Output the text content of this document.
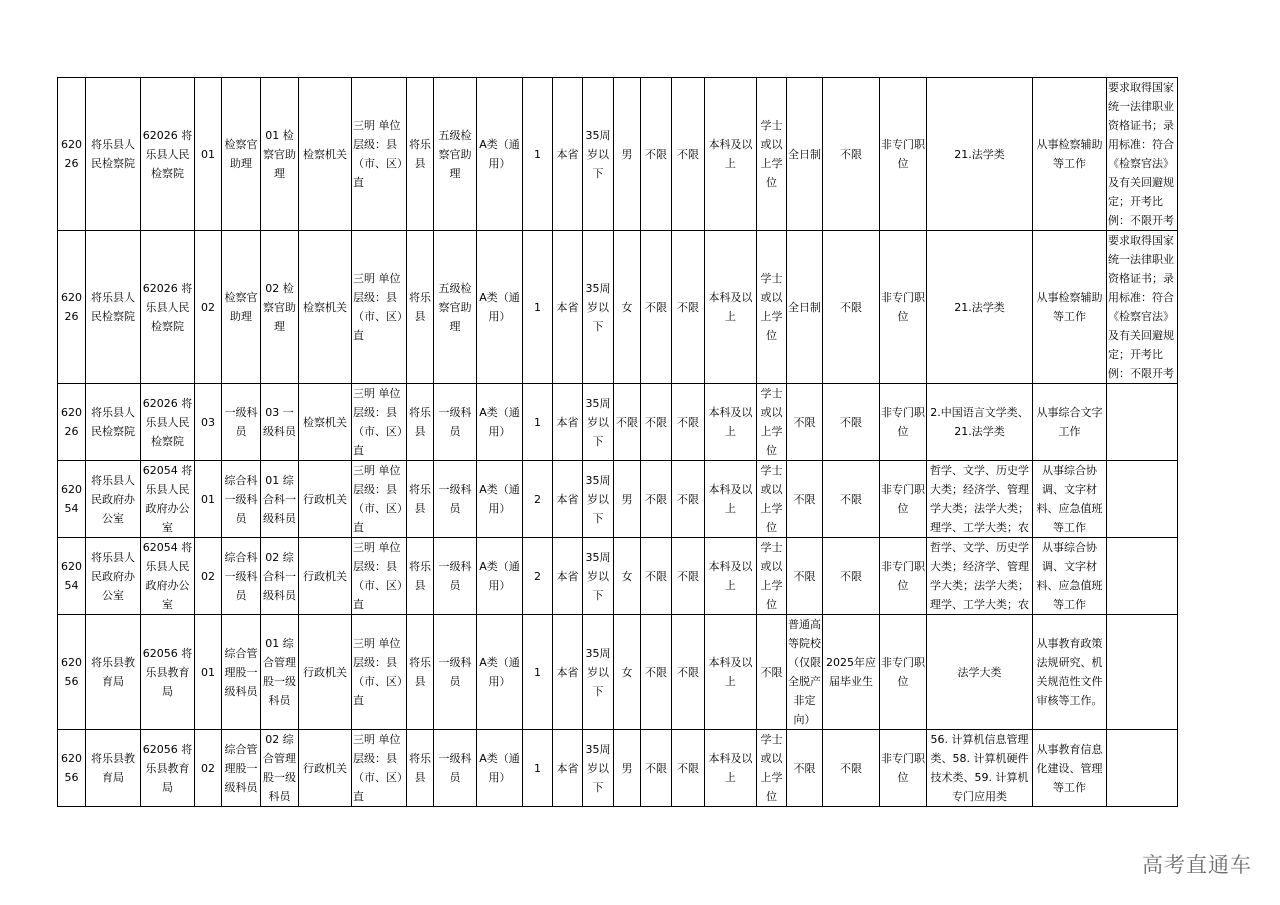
62026	将乐县人民检察院	62026 将乐县人民检察院	01	检察官助理	01 检察官助理	检察机关	三明 单位层级：县（市、区）直	将乐县	五级检察官助理	A类（通用）	1	本省	35周岁以下	男	不限	不限	本科及以上	学士或以上学位	全日制	不限	非专门职位	21.法学类	从事检察辅助等工作	要求取得国家统一法律职业资格证书；录用标准：符合《检察官法》及有关回避规定；开考比例：不限开考
62026	将乐县人民检察院	62026 将乐县人民检察院	02	检察官助理	02 检察官助理	检察机关	三明 单位层级：县（市、区）直	将乐县	五级检察官助理	A类（通用）	1	本省	35周岁以下	女	不限	不限	本科及以上	学士或以上学位	全日制	不限	非专门职位	21.法学类	从事检察辅助等工作	要求取得国家统一法律职业资格证书；录用标准：符合《检察官法》及有关回避规定；开考比例：不限开考
62026	将乐县人民检察院	62026 将乐县人民检察院	03	一级科员	03 一级科员	检察机关	三明 单位层级：县（市、区）直	将乐县	一级科员	A类（通用）	1	本省	35周岁以下	不限	不限	不限	本科及以上	学士或以上学位	不限	不限	非专门职位	2.中国语言文学类、21.法学类	从事综合文字工作	
62054	将乐县人民政府办公室	62054 将乐县人民政府办公室	01	综合科一级科员	01 综合科一级科员	行政机关	三明 单位层级：县（市、区）直	将乐县	一级科员	A类（通用）	2	本省	35周岁以下	男	不限	不限	本科及以上	学士或以上学位	不限	不限	非专门职位	哲学、文学、历史学大类；经济学、管理学大类；法学大类；理学、工学大类；农	从事综合协调、文字材料、应急值班等工作	
62054	将乐县人民政府办公室	62054 将乐县人民政府办公室	02	综合科一级科员	02 综合科一级科员	行政机关	三明 单位层级：县（市、区）直	将乐县	一级科员	A类（通用）	2	本省	35周岁以下	女	不限	不限	本科及以上	学士或以上学位	不限	不限	非专门职位	哲学、文学、历史学大类；经济学、管理学大类；法学大类；理学、工学大类；农	从事综合协调、文字材料、应急值班等工作	
62056	将乐县教育局	62056 将乐县教育局	01	综合管理股一级科员	01 综合管理股一级科员	行政机关	三明 单位层级：县（市、区）直	将乐县	一级科员	A类（通用）	1	本省	35周岁以下	女	不限	不限	本科及以上	不限	普通高等院校（仅限全脱产非定向）	2025年应届毕业生	非专门职位	法学大类	从事教育政策法规研究、机关规范性文件审核等工作。	
62056	将乐县教育局	62056 将乐县教育局	02	综合管理股一级科员	02 综合管理股一级科员	行政机关	三明 单位层级：县（市、区）直	将乐县	一级科员	A类（通用）	1	本省	35周岁以下	男	不限	不限	本科及以上	学士或以上学位	不限	不限	非专门职位	56. 计算机信息管理类、58. 计算机硬件技术类、59. 计算机专门应用类	从事教育信息化建设、管理等工作	
高考直通车
